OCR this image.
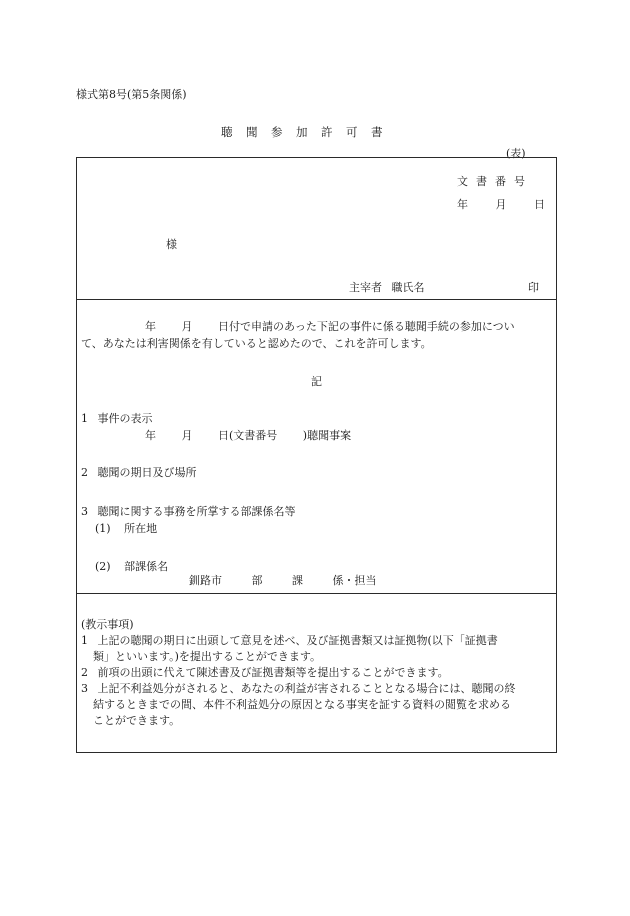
様式第8号(第5条関係)
聴聞参加許可書
(表)
文書番号
年 月 日
様
主宰者 職氏名	印
年 月 日付で申請のあった下記の事件に係る聴聞手続の参加につい
て、あなたは利害関係を有していると認めたので、これを許可します。
記
1 事件の表示
年 月 日(文書番号 )聴聞事案
2 聴聞の期日及び場所
3 聴聞に関する事務を所掌する部課係名等
(1) 所在地
(2) 部課係名
釧路市 部 課 係・担当
(教示事項)
1 上記の聴聞の期日に出頭して意見を述べ、及び証拠書類又は証拠物(以下「証拠書
類」といいます。)を提出することができます。
2 前項の出頭に代えて陳述書及び証拠書類等を提出することができます。
3 上記不利益処分がされると、あなたの利益が害されることとなる場合には、聴聞の終
結するときまでの間、本件不利益処分の原因となる事実を証する資料の閲覧を求める
ことができます。
